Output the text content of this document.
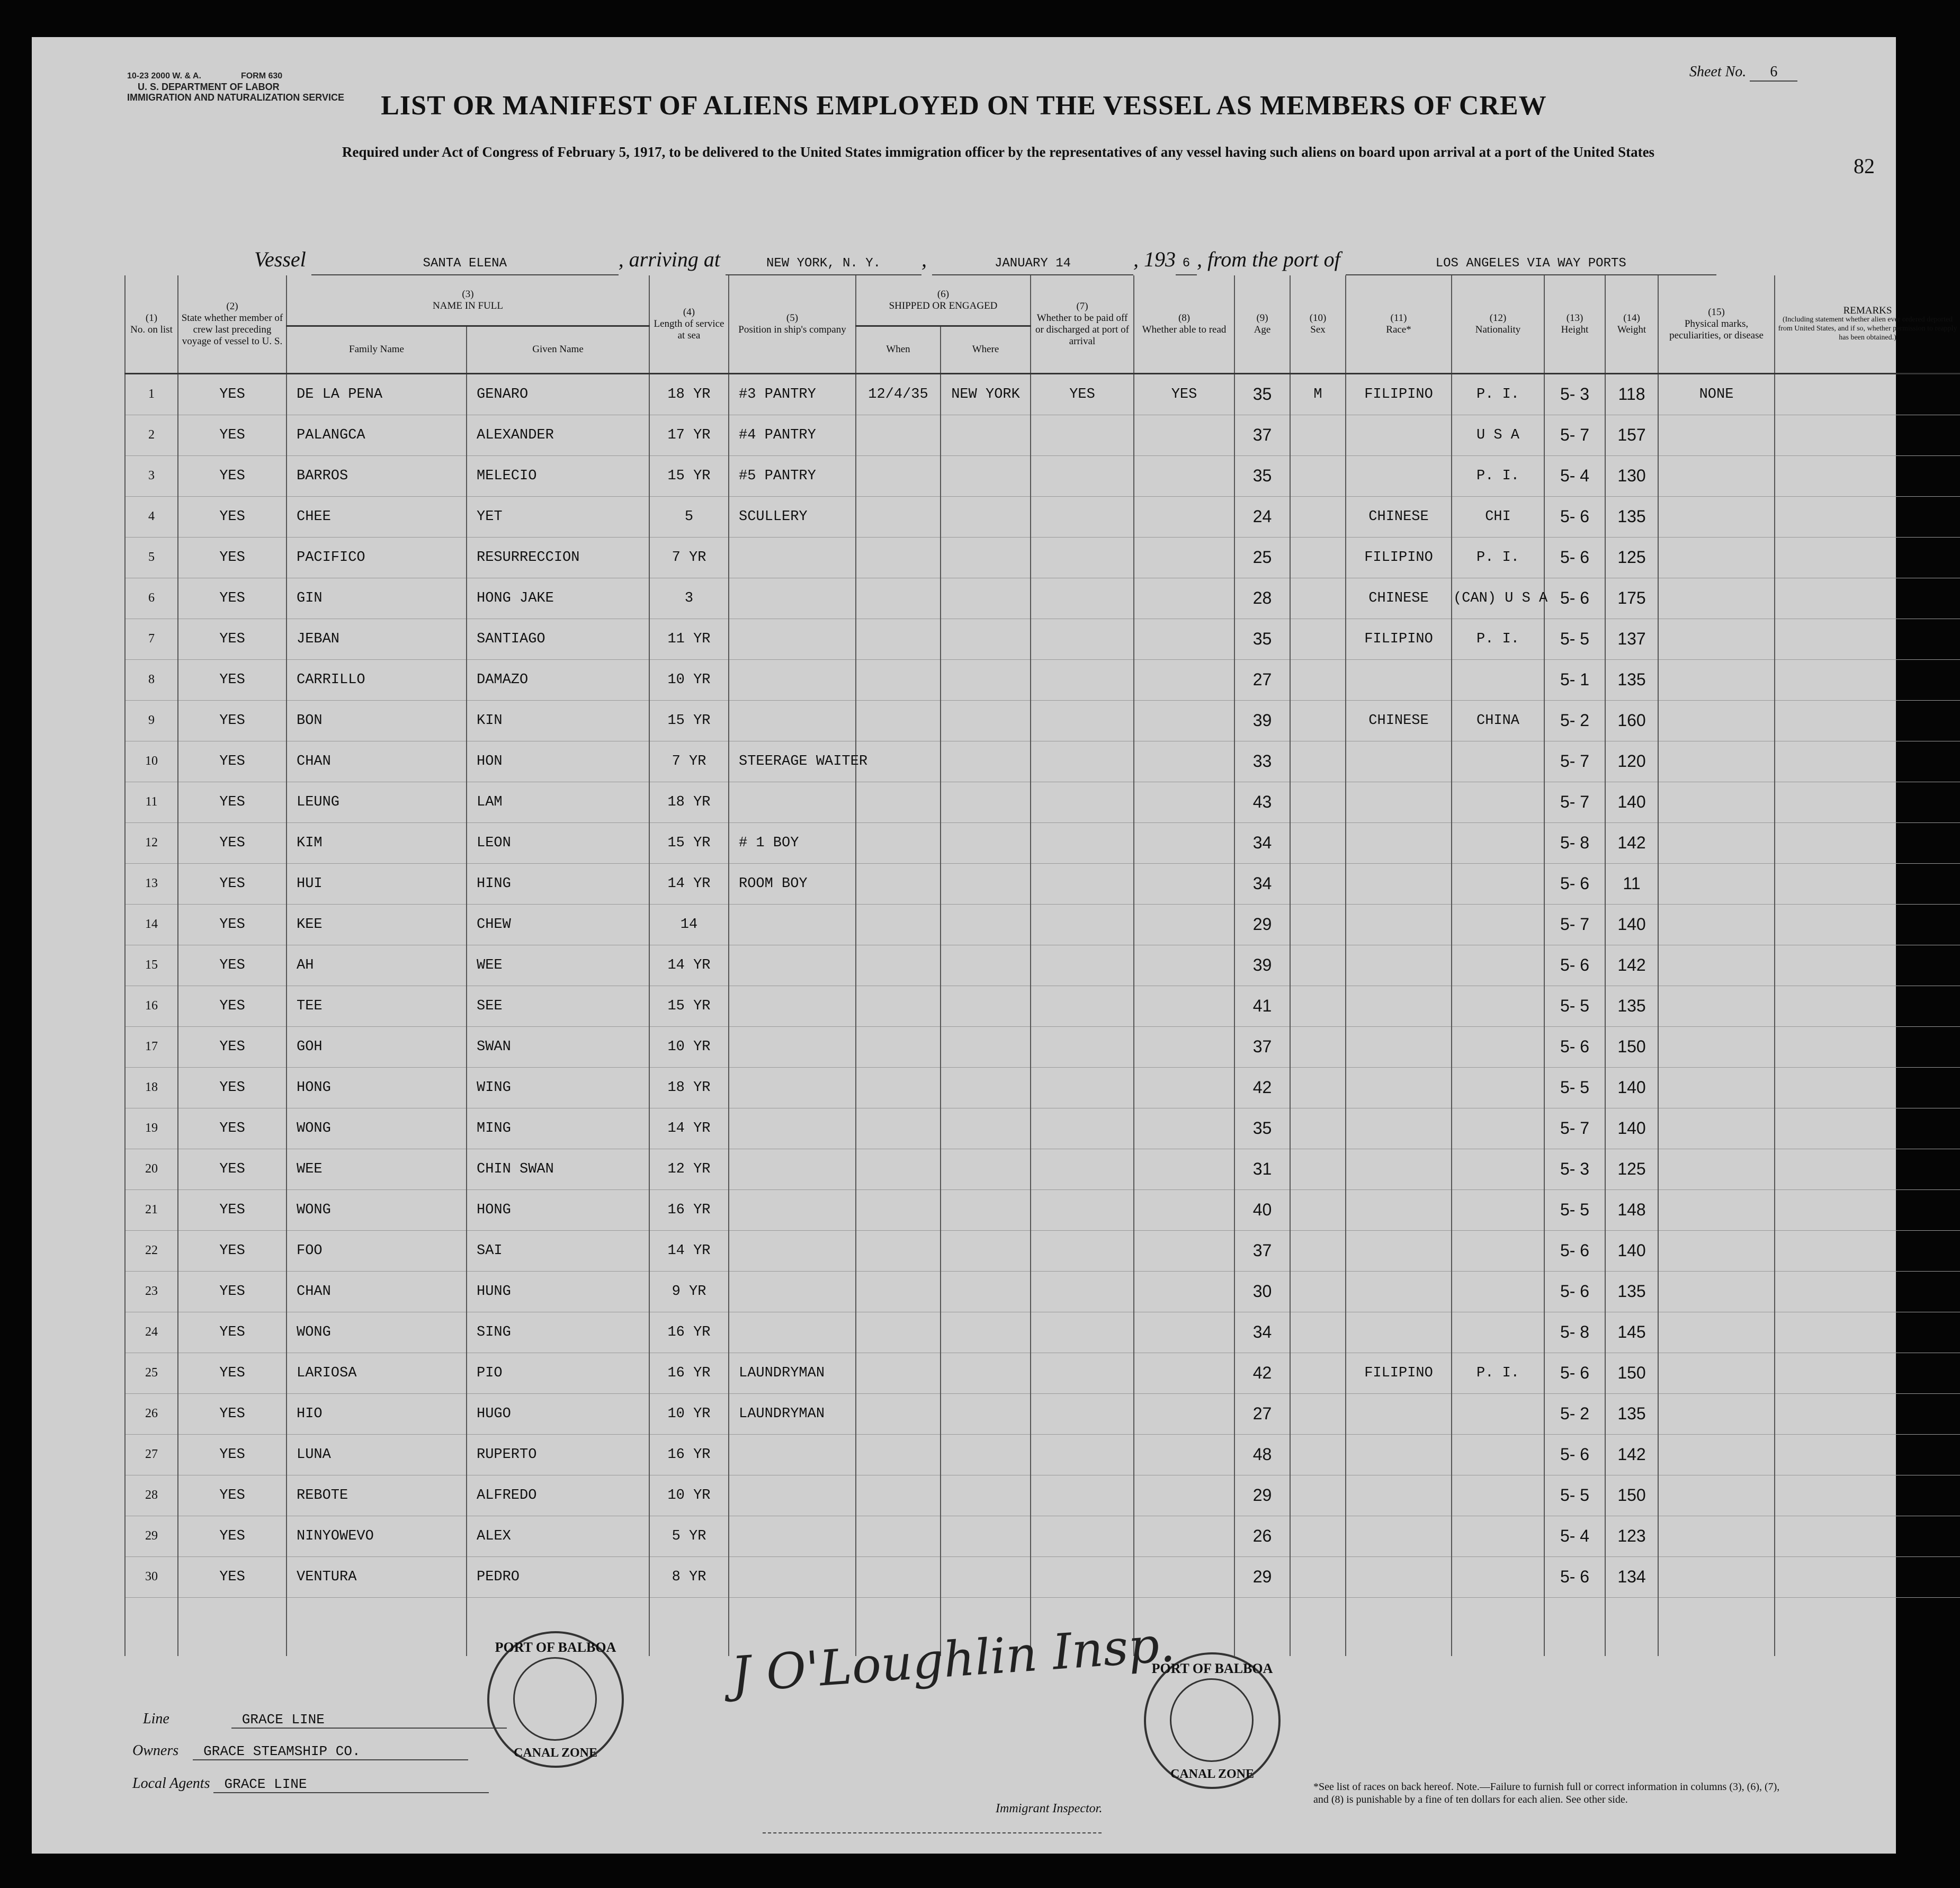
10-23 2000 W. & A.	FORM 630
U. S. DEPARTMENT OF LABOR
IMMIGRATION AND NATURALIZATION SERVICE
Sheet No. 6
LIST OR MANIFEST OF ALIENS EMPLOYED ON THE VESSEL AS MEMBERS OF CREW
Required under Act of Congress of February 5, 1917, to be delivered to the United States immigration officer by the representatives of any vessel having such aliens on board upon arrival at a port of the United States
82
Vessel	SANTA ELENA	, arriving at	NEW YORK, N. Y. ,	JANUARY 14	, 193 6 , from the port of	LOS ANGELES VIA WAY PORTS
(1)
No. on list	(2)
State whether member of crew last preceding voyage of vessel to U. S.	(3)
NAME IN FULL		(4)
Length of service at sea	(5)
Position in ship's company	(6)
SHIPPED OR ENGAGED		(7)
Whether to be paid off or discharged at port of arrival	(8)
Whether able to read	(9)
Age	(10)
Sex	(11)
Race*	(12)
Nationality	(13)
Height	(14)
Weight	(15)
Physical marks, peculiarities, or disease	REMARKS
(Including statement whether alien ever ordered deported from United States, and if so, whether permission to reapply has been obtained.)
		Family Name	Given Name			When	Where										
1	YES	DE LA PENA	GENARO	18 YR	#3 PANTRY	12/4/35	NEW YORK	YES	YES	35	M	FILIPINO	P. I.	5- 3	118	NONE	
2	YES	PALANGCA	ALEXANDER	17 YR	#4 PANTRY					37			U S A	5- 7	157		
3	YES	BARROS	MELECIO	15 YR	#5 PANTRY					35			P. I.	5- 4	130		
4	YES	CHEE	YET	5	SCULLERY					24		CHINESE	CHI	5- 6	135		
5	YES	PACIFICO	RESURRECCION	7 YR						25		FILIPINO	P. I.	5- 6	125		
6	YES	GIN	HONG JAKE	3						28		CHINESE	(CAN) U S A	5- 6	175		
7	YES	JEBAN	SANTIAGO	11 YR						35		FILIPINO	P. I.	5- 5	137		
8	YES	CARRILLO	DAMAZO	10 YR						27				5- 1	135		
9	YES	BON	KIN	15 YR						39		CHINESE	CHINA	5- 2	160		
10	YES	CHAN	HON	7 YR	STEERAGE WAITER					33				5- 7	120		
11	YES	LEUNG	LAM	18 YR						43				5- 7	140		
12	YES	KIM	LEON	15 YR	# 1 BOY					34				5- 8	142		
13	YES	HUI	HING	14 YR	ROOM BOY					34				5- 6	11		
14	YES	KEE	CHEW	14						29				5- 7	140		
15	YES	AH	WEE	14 YR						39				5- 6	142		
16	YES	TEE	SEE	15 YR						41				5- 5	135		
17	YES	GOH	SWAN	10 YR						37				5- 6	150		
18	YES	HONG	WING	18 YR						42				5- 5	140		
19	YES	WONG	MING	14 YR						35				5- 7	140		
20	YES	WEE	CHIN SWAN	12 YR						31				5- 3	125		
21	YES	WONG	HONG	16 YR						40				5- 5	148		
22	YES	FOO	SAI	14 YR						37				5- 6	140		
23	YES	CHAN	HUNG	9 YR						30				5- 6	135		
24	YES	WONG	SING	16 YR						34				5- 8	145		
25	YES	LARIOSA	PIO	16 YR	LAUNDRYMAN					42		FILIPINO	P. I.	5- 6	150		
26	YES	HIO	HUGO	10 YR	LAUNDRYMAN					27				5- 2	135		
27	YES	LUNA	RUPERTO	16 YR						48				5- 6	142		
28	YES	REBOTE	ALFREDO	10 YR						29				5- 5	150		
29	YES	NINYOWEVO	ALEX	5 YR						26				5- 4	123		
30	YES	VENTURA	PEDRO	8 YR						29				5- 6	134		

Line	GRACE LINE
Owners GRACE STEAMSHIP CO.
Local Agents GRACE LINE
J O'Loughlin Insp.
Immigrant Inspector.
*See list of races on back hereof. Note.—Failure to furnish full or correct information in columns (3), (6), (7), and (8) is punishable by a fine of ten dollars for each alien. See other side.
PORT OF BALBOA
CANAL ZONE
PORT OF BALBOA
CANAL ZONE
